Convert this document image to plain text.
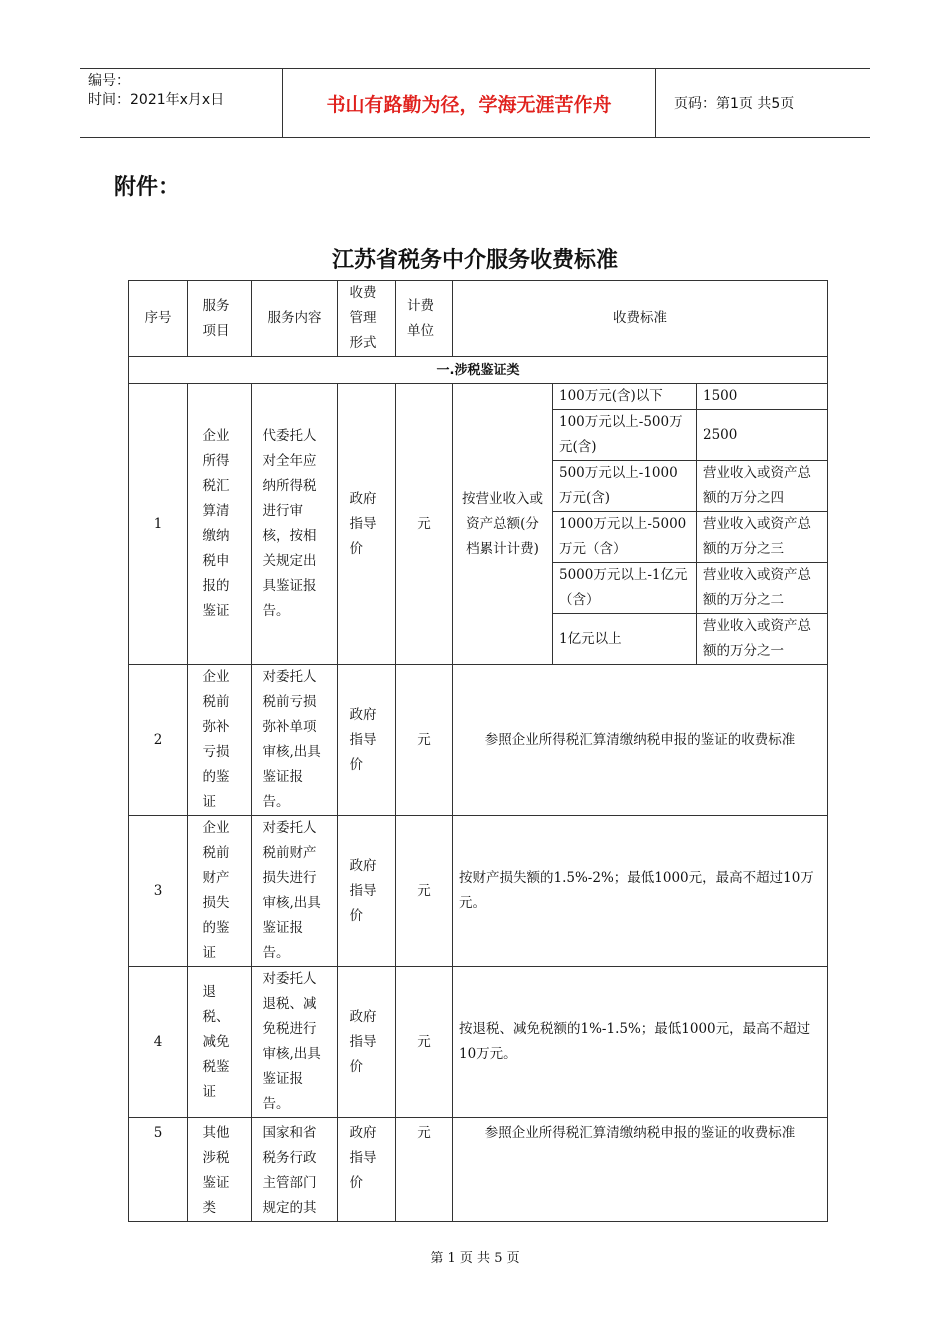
编号：
时间：2021年x月x日	书山有路勤为径，学海无涯苦作舟	页码：第1页 共5页
附件：
江苏省税务中介服务收费标准
序号	服务项目	服务内容	收费管理形式	计费单位	收费标准		
一.涉税鉴证类							
1	企业所得税汇算清缴纳税申报的鉴证	代委托人对全年应纳所得税进行审核，按相关规定出具鉴证报告。	政府指导价	元	按营业收入或资产总额(分档累计计费)	100万元(含)以下	1500
						100万元以上-500万元(含)	2500
						500万元以上-1000万元(含)	营业收入或资产总额的万分之四
						1000万元以上-5000万元（含）	营业收入或资产总额的万分之三
						5000万元以上-1亿元（含）	营业收入或资产总额的万分之二
						1亿元以上	营业收入或资产总额的万分之一
2	企业税前弥补亏损的鉴证	对委托人税前亏损弥补单项审核,出具鉴证报告。	政府指导价	元	参照企业所得税汇算清缴纳税申报的鉴证的收费标准		
3	企业税前财产损失的鉴证	对委托人税前财产损失进行审核,出具鉴证报告。	政府指导价	元	按财产损失额的1.5%-2%；最低1000元，最高不超过10万元。		
4	退税、减免税鉴证	对委托人退税、减免税进行审核,出具鉴证报告。	政府指导价	元	按退税、减免税额的1%-1.5%；最低1000元，最高不超过10万元。		
5	其他涉税鉴证类	国家和省税务行政主管部门规定的其	政府指导价	元	参照企业所得税汇算清缴纳税申报的鉴证的收费标准		
第 1 页 共 5 页
